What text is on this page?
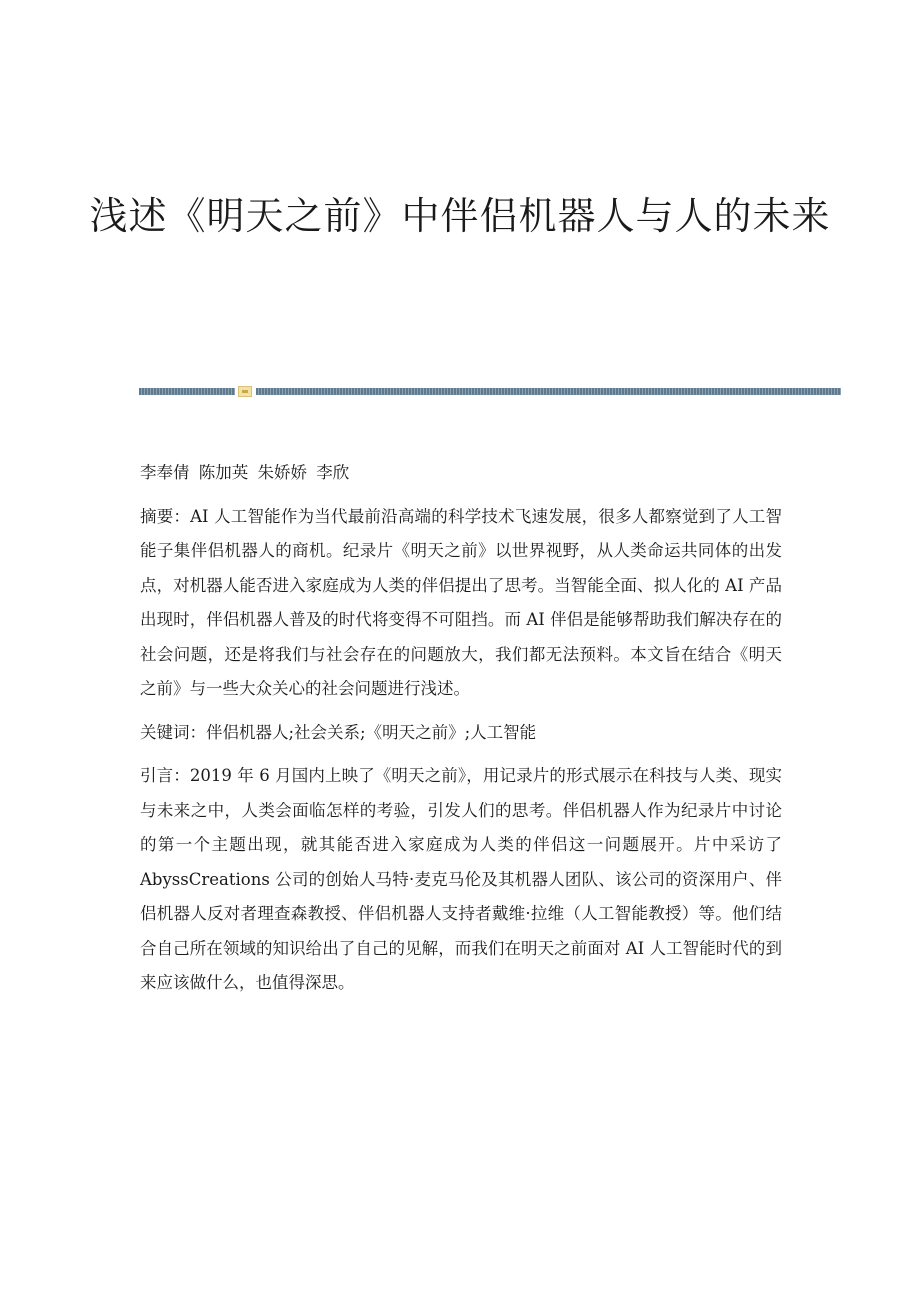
浅述《明天之前》中伴侣机器人与人的未来

李奉倩 陈加英 朱娇娇 李欣

摘要：AI 人工智能作为当代最前沿高端的科学技术飞速发展，很多人都察觉到了人工智能子集伴侣机器人的商机。纪录片《明天之前》以世界视野，从人类命运共同体的出发点，对机器人能否进入家庭成为人类的伴侣提出了思考。当智能全面、拟人化的 AI 产品出现时，伴侣机器人普及的时代将变得不可阻挡。而 AI 伴侣是能够帮助我们解决存在的社会问题，还是将我们与社会存在的问题放大，我们都无法预料。本文旨在结合《明天之前》与一些大众关心的社会问题进行浅述。

关键词：伴侣机器人;社会关系;《明天之前》;人工智能

引言：2019 年 6 月国内上映了《明天之前》，用记录片的形式展示在科技与人类、现实与未来之中，人类会面临怎样的考验，引发人们的思考。伴侣机器人作为纪录片中讨论的第一个主题出现，就其能否进入家庭成为人类的伴侣这一问题展开。片中采访了 AbyssCreations 公司的创始人马特·麦克马伦及其机器人团队、该公司的资深用户、伴侣机器人反对者理查森教授、伴侣机器人支持者戴维·拉维（人工智能教授）等。他们结合自己所在领域的知识给出了自己的见解，而我们在明天之前面对 AI 人工智能时代的到来应该做什么，也值得深思。
